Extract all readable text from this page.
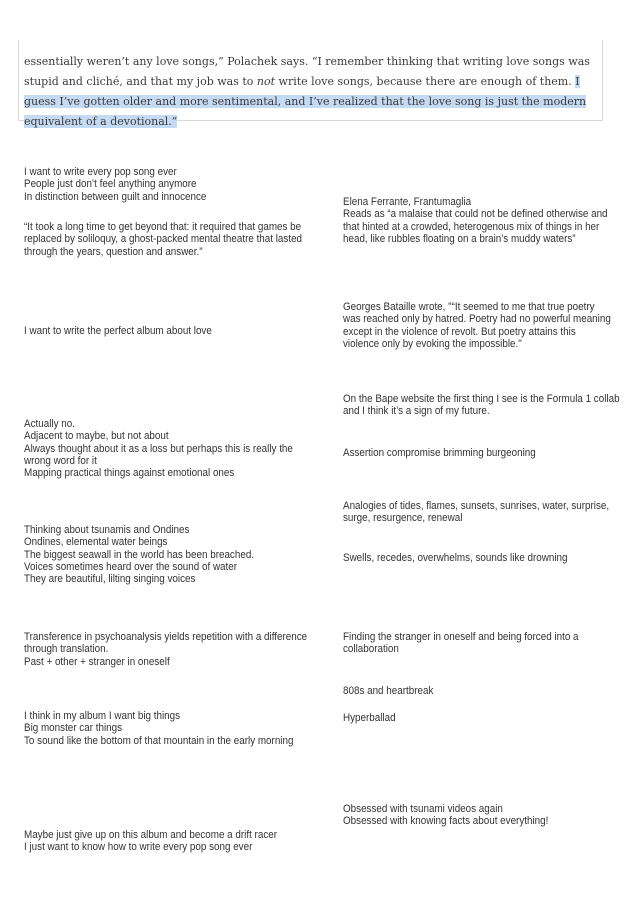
essentially weren’t any love songs,” Polachek says. “I remember thinking that writing love songs was stupid and cliché, and that my job was to not write love songs, because there are enough of them. I guess I’ve gotten older and more sentimental, and I’ve realized that the love song is just the modern equivalent of a devotional.”
I want to write every pop song ever
People just don’t feel anything anymore
In distinction between guilt and innocence
“It took a long time to get beyond that: it required that games be replaced by soliloquy, a ghost-packed mental theatre that lasted through the years, question and answer.”
I want to write the perfect album about love
Actually no.
Adjacent to maybe, but not about
Always thought about it as a loss but perhaps this is really the wrong word for it
Mapping practical things against emotional ones
Thinking about tsunamis and Ondines
Ondines, elemental water beings
The biggest seawall in the world has been breached.
Voices sometimes heard over the sound of water
They are beautiful, lilting singing voices
Transference in psychoanalysis yields repetition with a difference through translation.
Past + other + stranger in oneself
I think in my album I want big things
Big monster car things
To sound like the bottom of that mountain in the early morning
Maybe just give up on this album and become a drift racer
I just want to know how to write every pop song ever
Elena Ferrante, Frantumaglia
Reads as “a malaise that could not be defined otherwise and that hinted at a crowded, heterogenous mix of things in her head, like rubbles floating on a brain’s muddy waters”
Georges Bataille wrote, "“It seemed to me that true poetry was reached only by hatred. Poetry had no powerful meaning except in the violence of revolt. But poetry attains this violence only by evoking the impossible."
On the Bape website the first thing I see is the Formula 1 collab and I think it’s a sign of my future.
Assertion compromise brimming burgeoning
Analogies of tides, flames, sunsets, sunrises, water, surprise, surge, resurgence, renewal
Swells, recedes, overwhelms, sounds like drowning
Finding the stranger in oneself and being forced into a collaboration
808s and heartbreak
Hyperballad
Obsessed with tsunami videos again
Obsessed with knowing facts about everything!
